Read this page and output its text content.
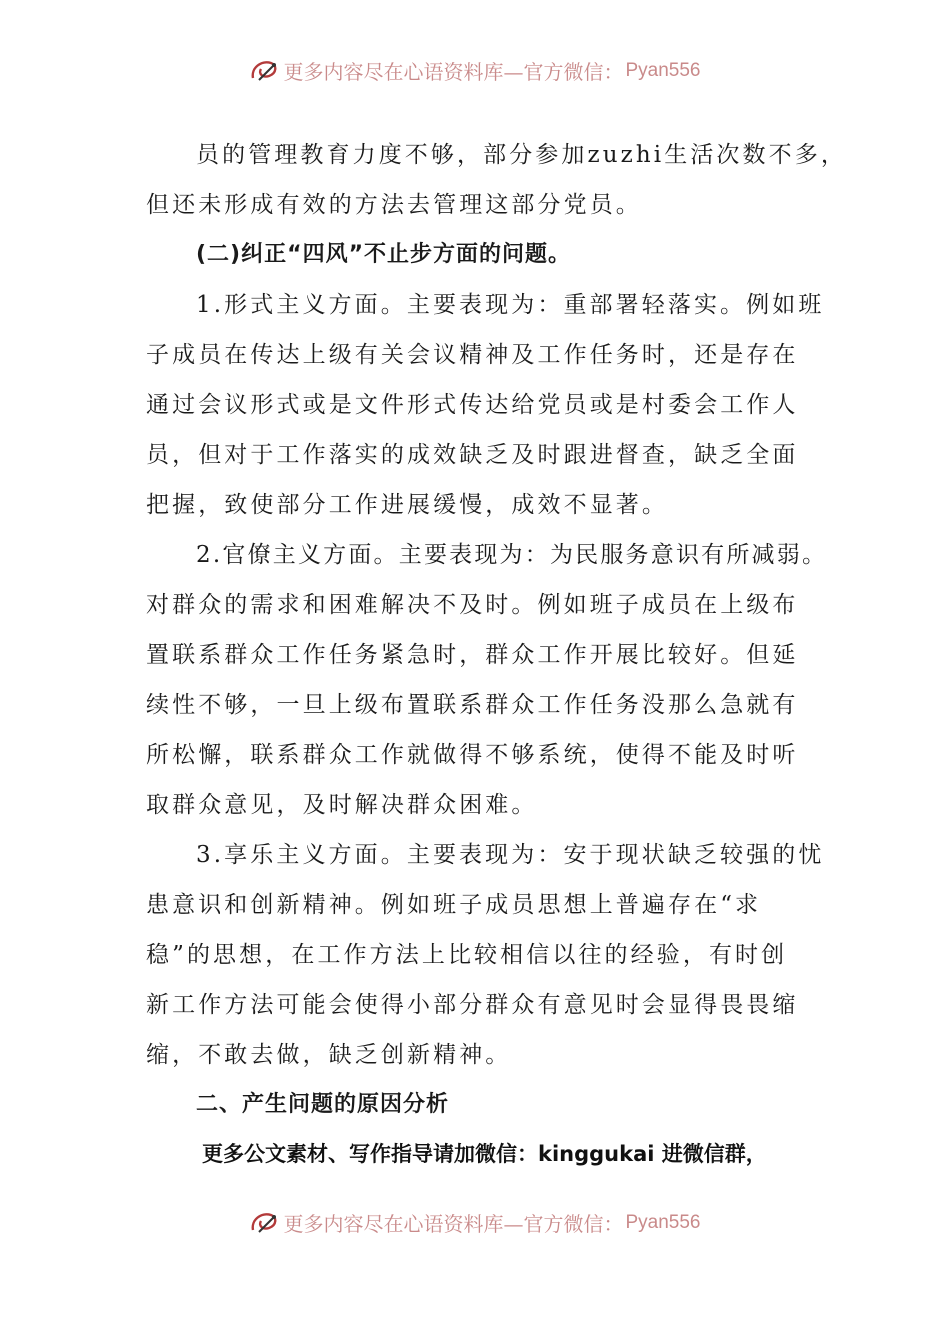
更多内容尽在心语资料库—官方微信： Pyan556
员的管理教育力度不够，部分参加zuzhi生活次数不多，
但还未形成有效的方法去管理这部分党员。
(二)纠正“四风”不止步方面的问题。
1.形式主义方面。主要表现为：重部署轻落实。例如班
子成员在传达上级有关会议精神及工作任务时，还是存在
通过会议形式或是文件形式传达给党员或是村委会工作人
员，但对于工作落实的成效缺乏及时跟进督查，缺乏全面
把握，致使部分工作进展缓慢，成效不显著。
2.官僚主义方面。主要表现为：为民服务意识有所减弱。
对群众的需求和困难解决不及时。例如班子成员在上级布
置联系群众工作任务紧急时，群众工作开展比较好。但延
续性不够，一旦上级布置联系群众工作任务没那么急就有
所松懈，联系群众工作就做得不够系统，使得不能及时听
取群众意见，及时解决群众困难。
3.享乐主义方面。主要表现为：安于现状缺乏较强的忧
患意识和创新精神。例如班子成员思想上普遍存在“求
稳”的思想，在工作方法上比较相信以往的经验，有时创
新工作方法可能会使得小部分群众有意见时会显得畏畏缩
缩，不敢去做，缺乏创新精神。
二、产生问题的原因分析
更多公文素材、写作指导请加微信：kinggukai 进微信群，
更多内容尽在心语资料库—官方微信： Pyan556
